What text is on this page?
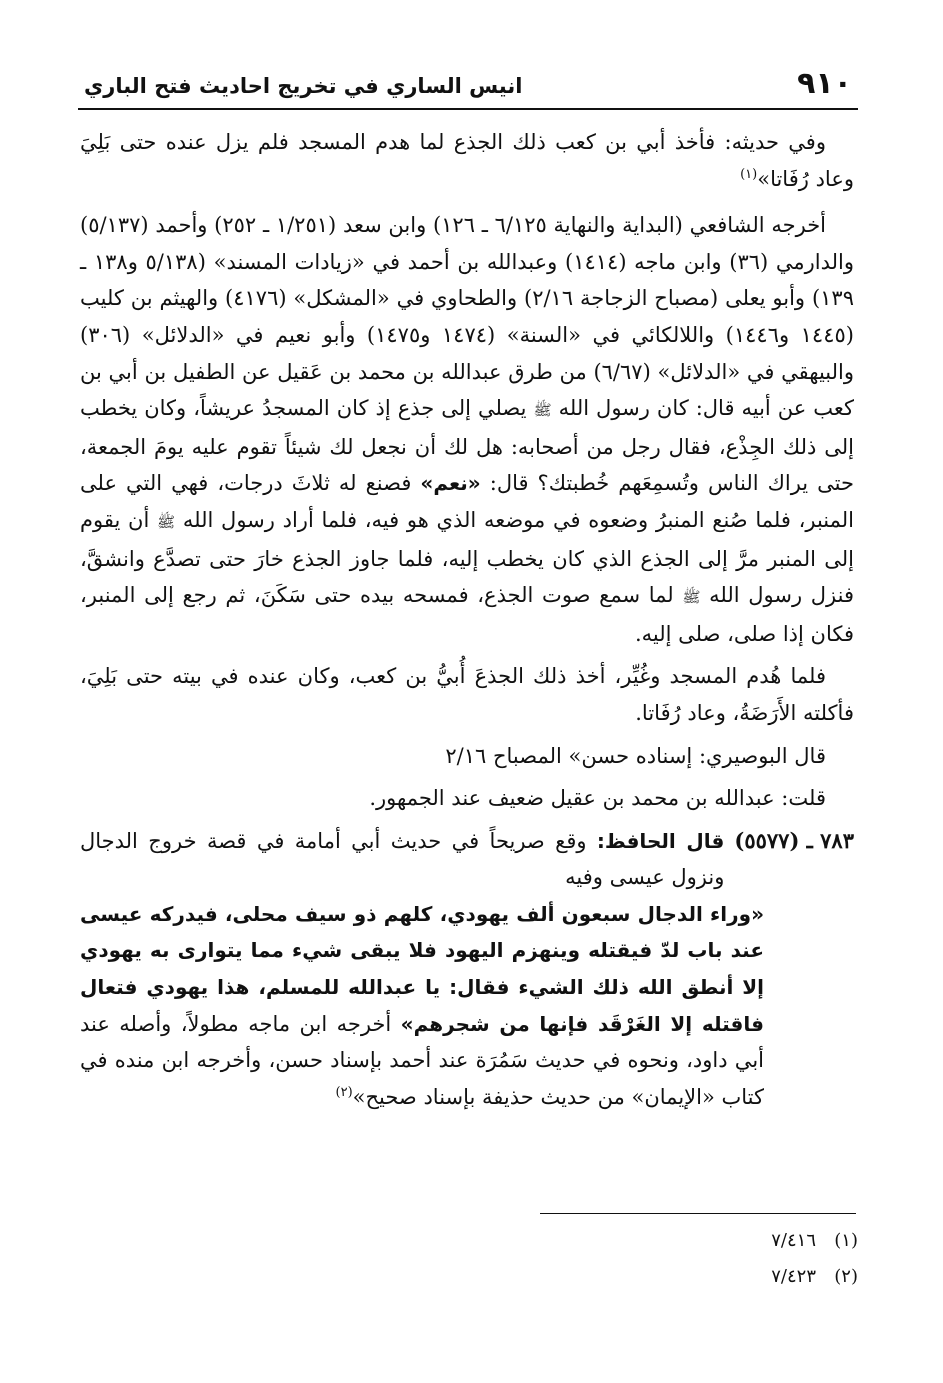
٩١٠
انيس الساري في تخريج احاديث فتح الباري

وفي حديثه: فأخذ أبي بن كعب ذلك الجذع لما هدم المسجد فلم يزل عنده حتى بَلِيَ وعاد رُفَاتا»$^{(١)}$

أخرجه الشافعي (البداية والنهاية ٦/١٢٥ ـ ١٢٦) وابن سعد (١/٢٥١ ـ ٢٥٢) وأحمد (٥/١٣٧) والدارمي (٣٦) وابن ماجه (١٤١٤) وعبدالله بن أحمد في «زيادات المسند» (٥/١٣٨ و١٣٨ ـ ١٣٩) وأبو يعلى (مصباح الزجاجة ٢/١٦) والطحاوي في «المشكل» (٤١٧٦) والهيثم بن كليب (١٤٤٥ و١٤٤٦) واللالكائي في «السنة» (١٤٧٤ و١٤٧٥) وأبو نعيم في «الدلائل» (٣٠٦) والبيهقي في «الدلائل» (٦/٦٧) من طرق عبدالله بن محمد بن عَقيل عن الطفيل بن أبي بن كعب عن أبيه قال: كان رسول الله ﷺ يصلي إلى جذع إذ كان المسجدُ عريشاً، وكان يخطب إلى ذلك الجِذْع، فقال رجل من أصحابه: هل لك أن نجعل لك شيئاً تقوم عليه يومَ الجمعة، حتى يراك الناس وتُسمِعَهم خُطبتك؟ قال: «نعم» فصنع له ثلاثَ درجات، فهي التي على المنبر، فلما صُنع المنبرُ وضعوه في موضعه الذي هو فيه، فلما أراد رسول الله ﷺ أن يقوم إلى المنبر مرَّ إلى الجذع الذي كان يخطب إليه، فلما جاوز الجذع خارَ حتى تصدَّع وانشقَّ، فنزل رسول الله ﷺ لما سمع صوت الجذع، فمسحه بيده حتى سَكَنَ، ثم رجع إلى المنبر، فكان إذا صلى، صلى إليه.

فلما هُدم المسجد وغُيِّر، أخذ ذلك الجذعَ أُبيُّ بن كعب، وكان عنده في بيته حتى بَلِيَ، فأكلته الأَرَضَةُ، وعاد رُفَاتا.

قال البوصيري: إسناده حسن» المصباح ٢/١٦

قلت: عبدالله بن محمد بن عقيل ضعيف عند الجمهور.

٧٨٣ ـ (٥٥٧٧)
قال الحافظ: وقع صريحاً في حديث أبي أمامة في قصة خروج الدجال ونزول عيسى وفيه

«وراء الدجال سبعون ألف يهودي، كلهم ذو سيف محلى، فيدركه عيسى عند باب لدّ فيقتله وينهزم اليهود فلا يبقى شيء مما يتوارى به يهودي إلا أنطق الله ذلك الشيء فقال: يا عبدالله للمسلم، هذا يهودي فتعال فاقتله إلا الغَرْقَد فإنها من شجرهم» أخرجه ابن ماجه مطولاً، وأصله عند أبي داود، ونحوه في حديث سَمُرَة عند أحمد بإسناد حسن، وأخرجه ابن منده في كتاب «الإيمان» من حديث حذيفة بإسناد صحيح»$^{(٢)}$

(١)
٧/٤١٦
(٢)
٧/٤٢٣
